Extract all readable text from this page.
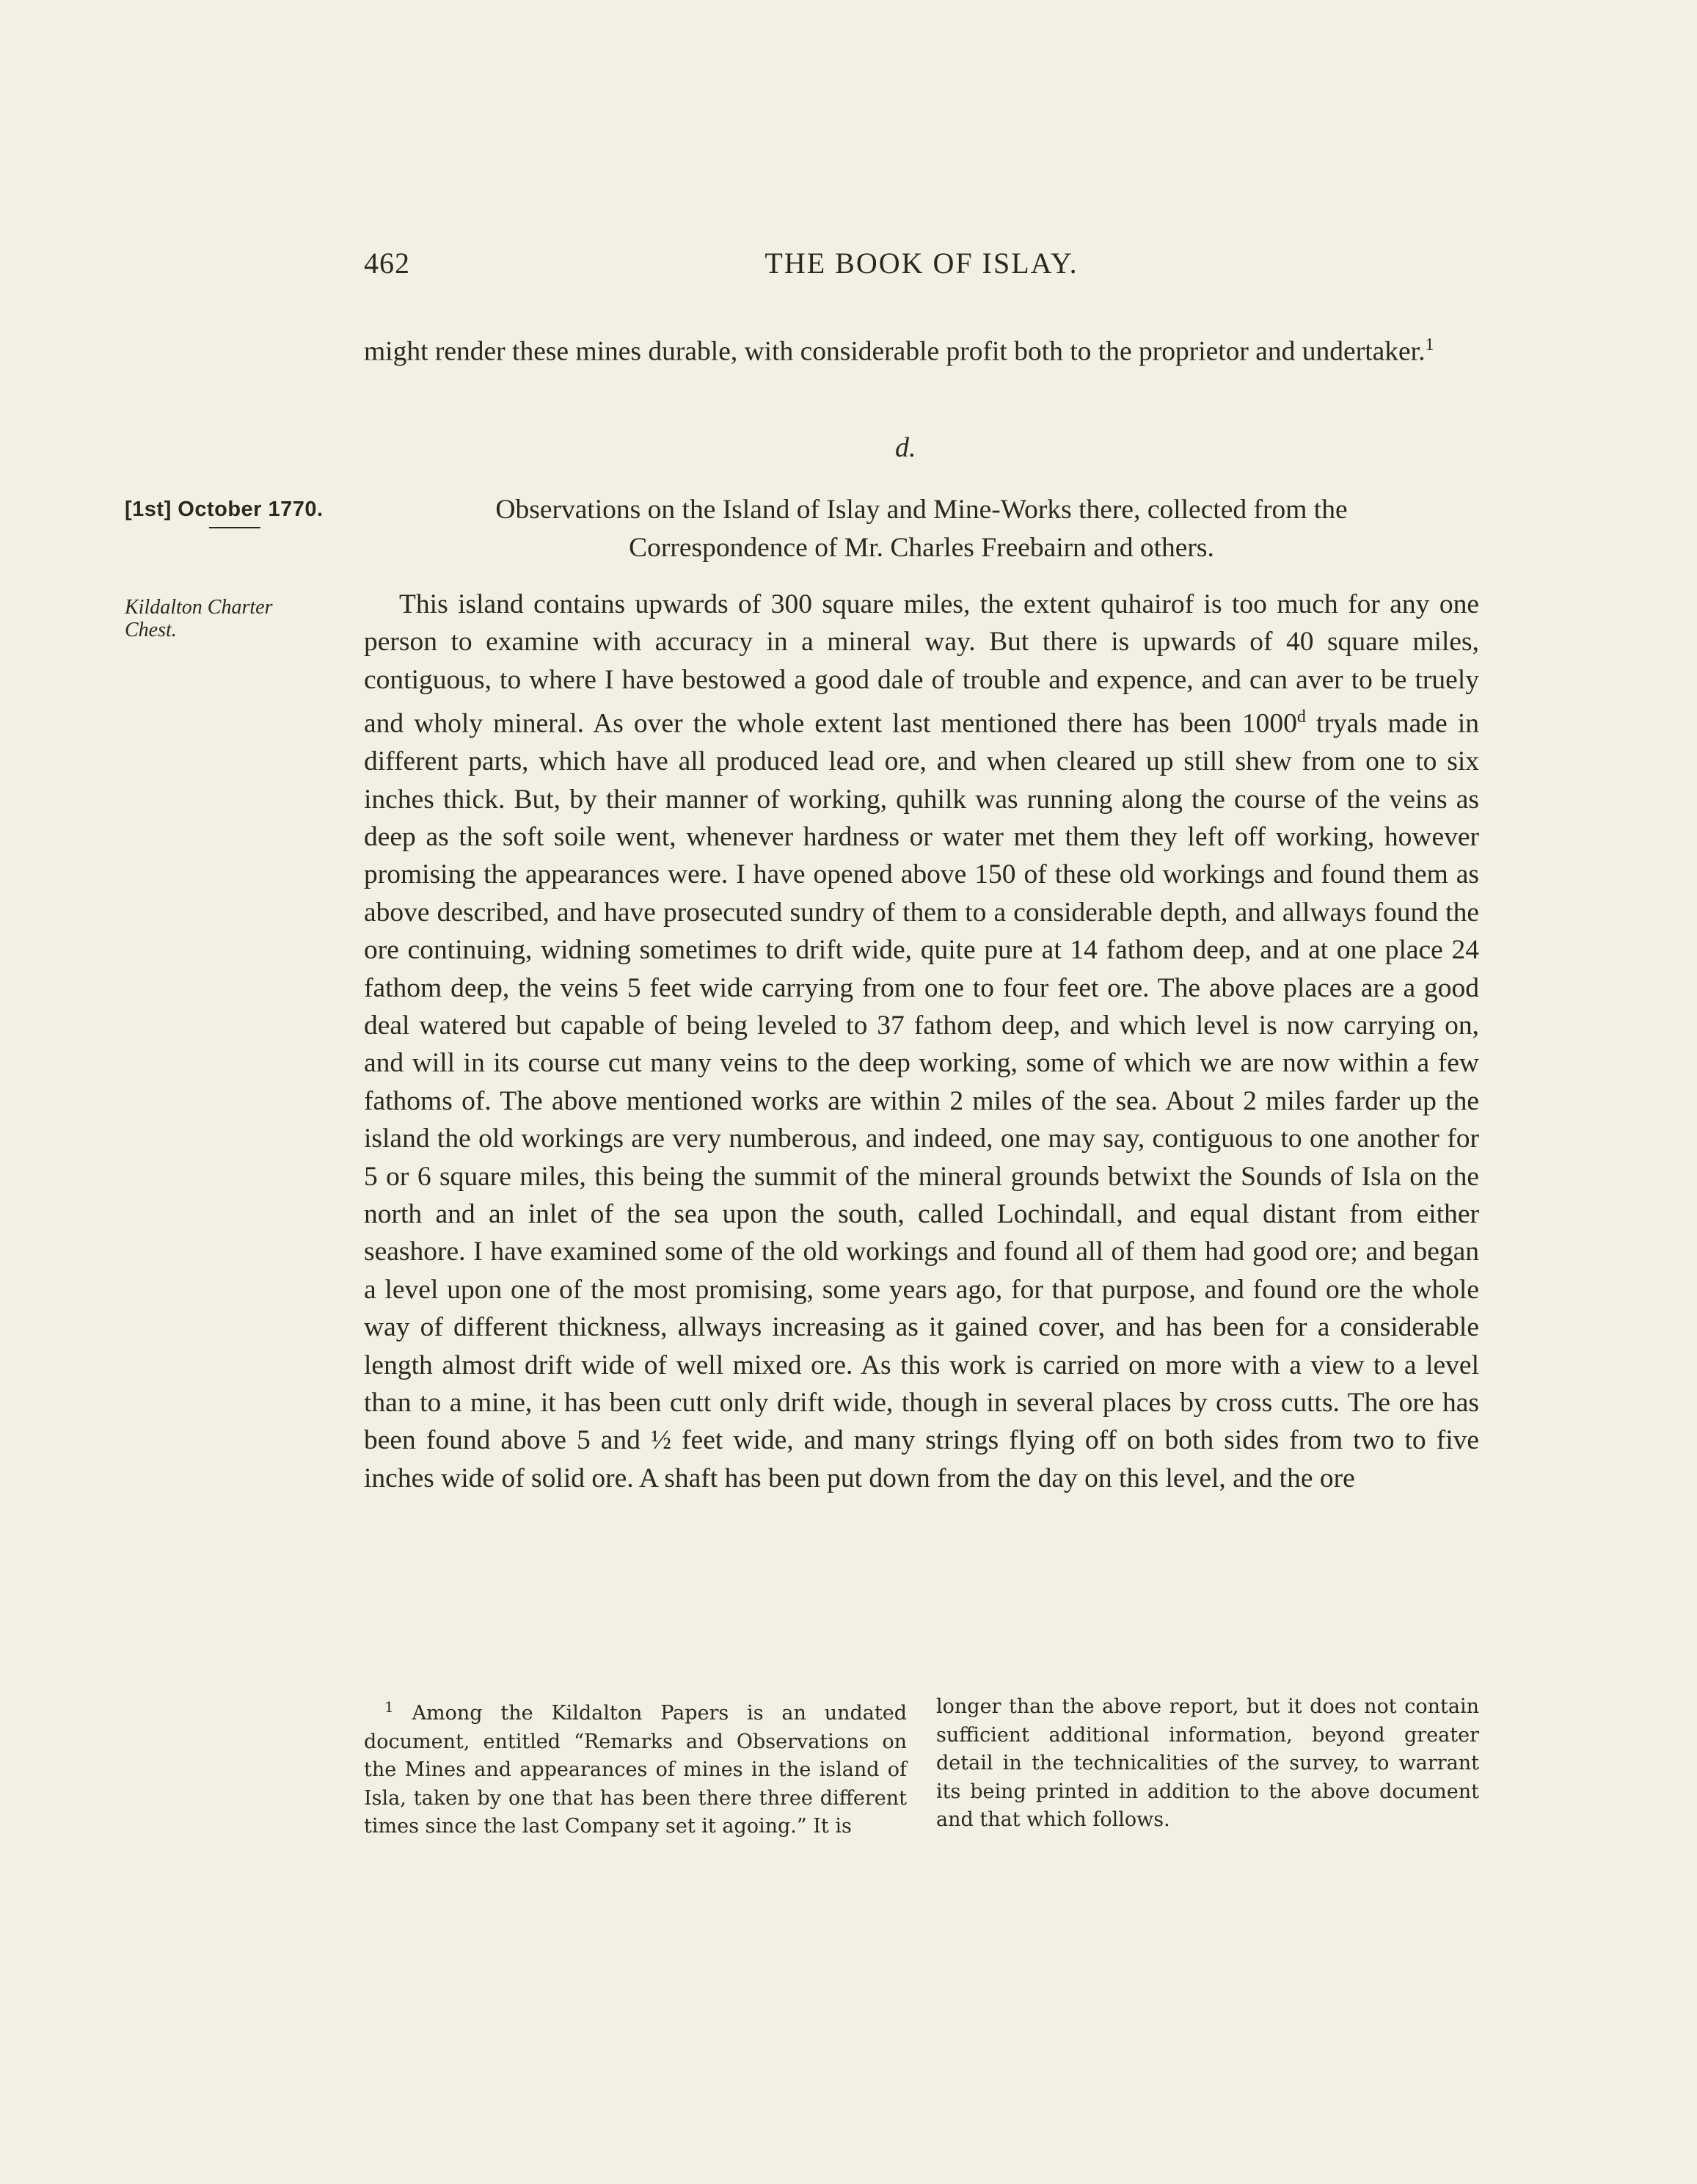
462	THE BOOK OF ISLAY.

might render these mines durable, with considerable profit both to the proprietor and undertaker.$^1$

d.
[1st] October 1770.
Kildalton Charter
Chest.
Observations on the Island of Islay and Mine-Works there, collected from the
Correspondence of Mr. Charles Freebairn and others.

This island contains upwards of 300 square miles, the extent quhairof is too much for any one person to examine with accuracy in a mineral way. But there is upwards of 40 square miles, contiguous, to where I have bestowed a good dale of trouble and expence, and can aver to be truely and wholy mineral. As over the whole extent last mentioned there has been 1000$^d$ tryals made in different parts, which have all produced lead ore, and when cleared up still shew from one to six inches thick. But, by their manner of working, quhilk was running along the course of the veins as deep as the soft soile went, whenever hardness or water met them they left off working, however promising the appearances were. I have opened above 150 of these old workings and found them as above described, and have prosecuted sundry of them to a considerable depth, and allways found the ore continuing, widning sometimes to drift wide, quite pure at 14 fathom deep, and at one place 24 fathom deep, the veins 5 feet wide carrying from one to four feet ore. The above places are a good deal watered but capable of being leveled to 37 fathom deep, and which level is now carrying on, and will in its course cut many veins to the deep working, some of which we are now within a few fathoms of. The above mentioned works are within 2 miles of the sea. About 2 miles farder up the island the old workings are very numberous, and indeed, one may say, contiguous to one another for 5 or 6 square miles, this being the summit of the mineral grounds betwixt the Sounds of Isla on the north and an inlet of the sea upon the south, called Lochindall, and equal distant from either seashore. I have examined some of the old workings and found all of them had good ore; and began a level upon one of the most promising, some years ago, for that purpose, and found ore the whole way of different thickness, allways increasing as it gained cover, and has been for a considerable length almost drift wide of well mixed ore. As this work is carried on more with a view to a level than to a mine, it has been cutt only drift wide, though in several places by cross cutts. The ore has been found above 5 and ½ feet wide, and many strings flying off on both sides from two to five inches wide of solid ore. A shaft has been put down from the day on this level, and the ore

$^1$ Among the Kildalton Papers is an undated document, entitled “Remarks and Observations on the Mines and appearances of mines in the island of Isla, taken by one that has been there three different times since the last Company set it agoing.” It is

longer than the above report, but it does not contain sufficient additional information, beyond greater detail in the technicalities of the survey, to warrant its being printed in addition to the above document and that which follows.
